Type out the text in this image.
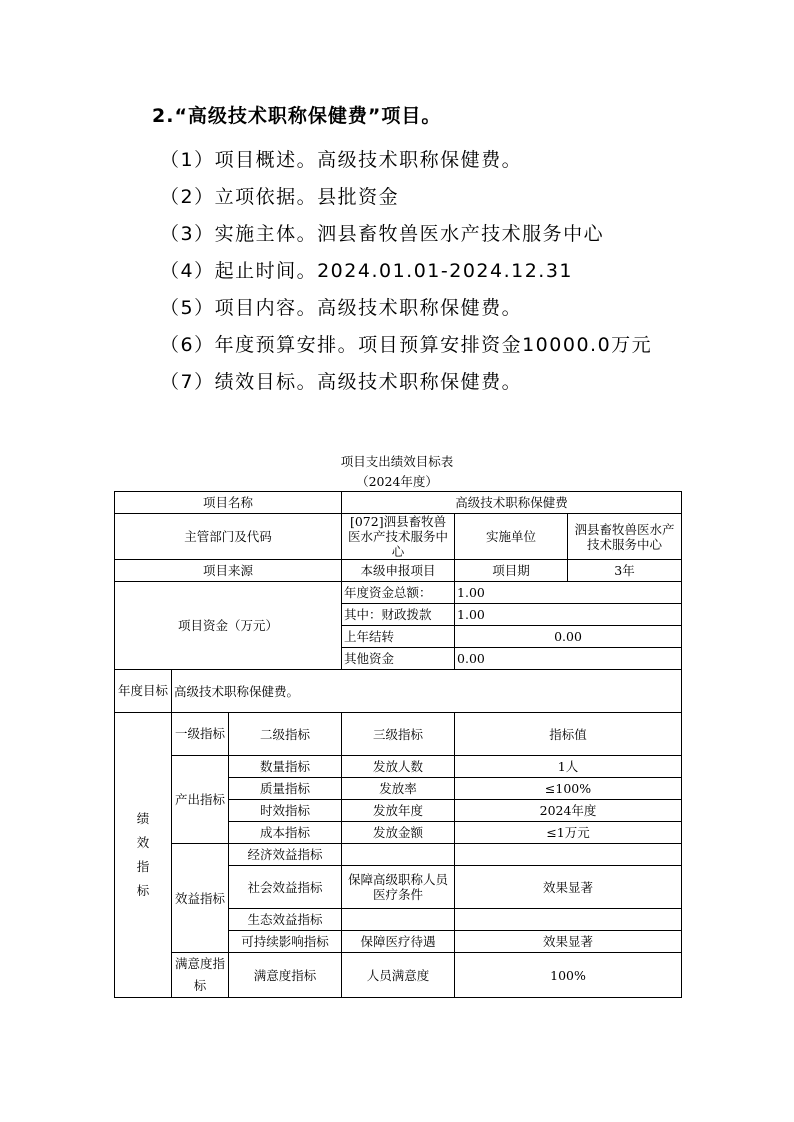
2.“高级技术职称保健费”项目。
（1）项目概述。高级技术职称保健费。
（2）立项依据。县批资金
（3）实施主体。泗县畜牧兽医水产技术服务中心
（4）起止时间。2024.01.01-2024.12.31
（5）项目内容。高级技术职称保健费。
（6）年度预算安排。项目预算安排资金10000.0万元
（7）绩效目标。高级技术职称保健费。
项目支出绩效目标表
（2024年度）
项目名称			高级技术职称保健费		
主管部门及代码			[072]泗县畜牧兽医水产技术服务中心	实施单位	泗县畜牧兽医水产技术服务中心
项目来源			本级申报项目	项目期	3年
项目资金（万元）			年度资金总额：	1.00	
			其中：财政拨款	1.00	
			上年结转	0.00	
			其他资金	0.00	
年度目标	高级技术职称保健费。				
绩效指标	一级指标	二级指标	三级指标	指标值	
	产出指标	数量指标	发放人数	1人	
		质量指标	发放率	≤100%	
		时效指标	发放年度	2024年度	
		成本指标	发放金额	≤1万元	
	效益指标	经济效益指标			
		社会效益指标	保障高级职称人员医疗条件	效果显著	
		生态效益指标			
		可持续影响指标	保障医疗待遇	效果显著	
	满意度指标	满意度指标	人员满意度	100%	
